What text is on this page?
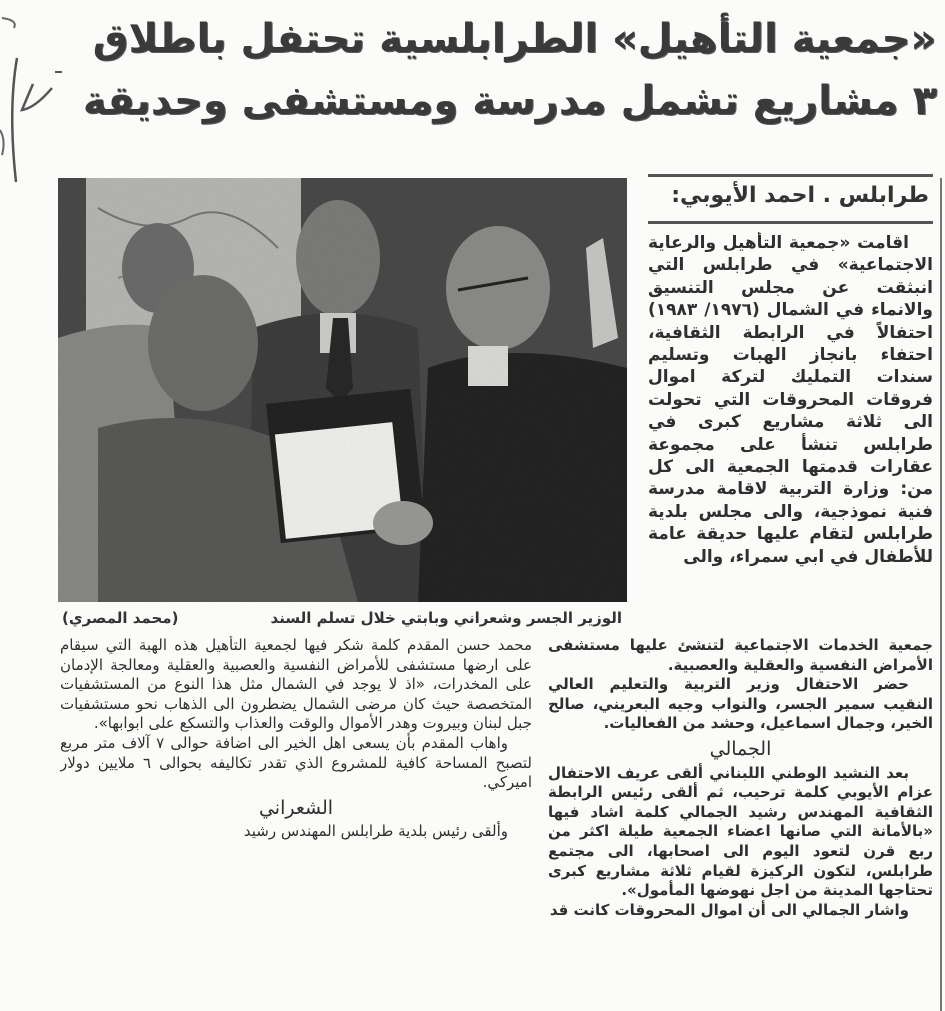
«جمعية التأهيل» الطرابلسية تحتفل باطلاق
٣ مشاريع تشمل مدرسة ومستشفى وحديقة
طرابلس . احمد الأيوبي:
الوزير الجسر وشعراني وبابتي خلال تسلم السند
(محمد المصري)

اقامت «جمعية التأهيل والرعاية الاجتماعية» في طرابلس التي انبثقت عن مجلس التنسيق والانماء في الشمال (١٩٧٦/ ١٩٨٣) احتفالاً في الرابطة الثقافية، احتفاء بانجاز الهبات وتسليم سندات التمليك لتركة اموال فروقات المحروقات التي تحولت الى ثلاثة مشاريع كبرى في طرابلس تنشأ على مجموعة عقارات قدمتها الجمعية الى كل من: وزارة التربية لاقامة مدرسة فنية نموذجية، والى مجلس بلدية طرابلس لتقام عليها حديقة عامة للأطفال في ابي سمراء، والى

جمعية الخدمات الاجتماعية لتنشئ عليها مستشفى الأمراض النفسية والعقلية والعصبية.

حضر الاحتفال وزير التربية والتعليم العالي النقيب سمير الجسر، والنواب وجيه البعريني، صالح الخير، وجمال اسماعيل، وحشد من الفعاليات.

الجمالي

بعد النشيد الوطني اللبناني ألقى عريف الاحتفال عزام الأيوبي كلمة ترحيب، ثم ألقى رئيس الرابطة الثقافية المهندس رشيد الجمالي كلمة اشاد فيها «بالأمانة التي صانها اعضاء الجمعية طيلة اكثر من ربع قرن لتعود اليوم الى اصحابها، الى مجتمع طرابلس، لتكون الركيزة لقيام ثلاثة مشاريع كبرى تحتاجها المدينة من اجل نهوضها المأمول».

واشار الجمالي الى أن اموال المحروقات كانت قد

محمد حسن المقدم كلمة شكر فيها لجمعية التأهيل هذه الهبة التي سيقام على ارضها مستشفى للأمراض النفسية والعصبية والعقلية ومعالجة الإدمان على المخدرات، «اذ لا يوجد في الشمال مثل هذا النوع من المستشفيات المتخصصة حيث كان مرضى الشمال يضطرون الى الذهاب نحو مستشفيات جبل لبنان وبيروت وهدر الأموال والوقت والعذاب والتسكع على ابوابها».

واهاب المقدم بأن يسعى اهل الخير الى اضافة حوالى ٧ آلاف متر مربع لتصبح المساحة كافية للمشروع الذي تقدر تكاليفه بحوالى ٦ ملايين دولار اميركي.

الشعراني

وألقى رئيس بلدية طرابلس المهندس رشيد
